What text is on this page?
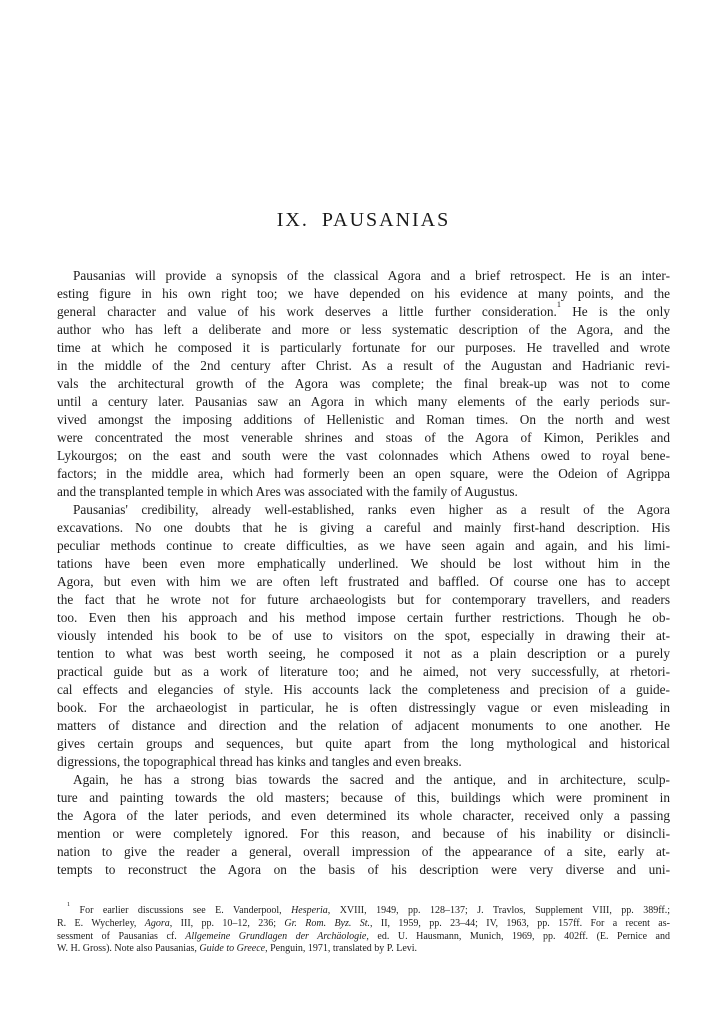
IX. PAUSANIAS
Pausanias will provide a synopsis of the classical Agora and a brief retrospect. He is an inter-
esting figure in his own right too; we have depended on his evidence at many points, and the
general character and value of his work deserves a little further consideration.$^1$ He is the only
author who has left a deliberate and more or less systematic description of the Agora, and the
time at which he composed it is particularly fortunate for our purposes. He travelled and wrote
in the middle of the 2nd century after Christ. As a result of the Augustan and Hadrianic revi-
vals the architectural growth of the Agora was complete; the final break-up was not to come
until a century later. Pausanias saw an Agora in which many elements of the early periods sur-
vived amongst the imposing additions of Hellenistic and Roman times. On the north and west
were concentrated the most venerable shrines and stoas of the Agora of Kimon, Perikles and
Lykourgos; on the east and south were the vast colonnades which Athens owed to royal bene-
factors; in the middle area, which had formerly been an open square, were the Odeion of Agrippa
and the transplanted temple in which Ares was associated with the family of Augustus.
Pausanias' credibility, already well-established, ranks even higher as a result of the Agora
excavations. No one doubts that he is giving a careful and mainly first-hand description. His
peculiar methods continue to create difficulties, as we have seen again and again, and his limi-
tations have been even more emphatically underlined. We should be lost without him in the
Agora, but even with him we are often left frustrated and baffled. Of course one has to accept
the fact that he wrote not for future archaeologists but for contemporary travellers, and readers
too. Even then his approach and his method impose certain further restrictions. Though he ob-
viously intended his book to be of use to visitors on the spot, especially in drawing their at-
tention to what was best worth seeing, he composed it not as a plain description or a purely
practical guide but as a work of literature too; and he aimed, not very successfully, at rhetori-
cal effects and elegancies of style. His accounts lack the completeness and precision of a guide-
book. For the archaeologist in particular, he is often distressingly vague or even misleading in
matters of distance and direction and the relation of adjacent monuments to one another. He
gives certain groups and sequences, but quite apart from the long mythological and historical
digressions, the topographical thread has kinks and tangles and even breaks.
Again, he has a strong bias towards the sacred and the antique, and in architecture, sculp-
ture and painting towards the old masters; because of this, buildings which were prominent in
the Agora of the later periods, and even determined its whole character, received only a passing
mention or were completely ignored. For this reason, and because of his inability or disincli-
nation to give the reader a general, overall impression of the appearance of a site, early at-
tempts to reconstruct the Agora on the basis of his description were very diverse and uni-
$^1$ For earlier discussions see E. Vanderpool, Hesperia, XVIII, 1949, pp. 128–137; J. Travlos, Supplement VIII, pp. 389ff.;
R. E. Wycherley, Agora, III, pp. 10–12, 236; Gr. Rom. Byz. St., II, 1959, pp. 23–44; IV, 1963, pp. 157ff. For a recent as-
sessment of Pausanias cf. Allgemeine Grundlagen der Archäologie, ed. U. Hausmann, Munich, 1969, pp. 402ff. (E. Pernice and
W. H. Gross). Note also Pausanias, Guide to Greece, Penguin, 1971, translated by P. Levi.
